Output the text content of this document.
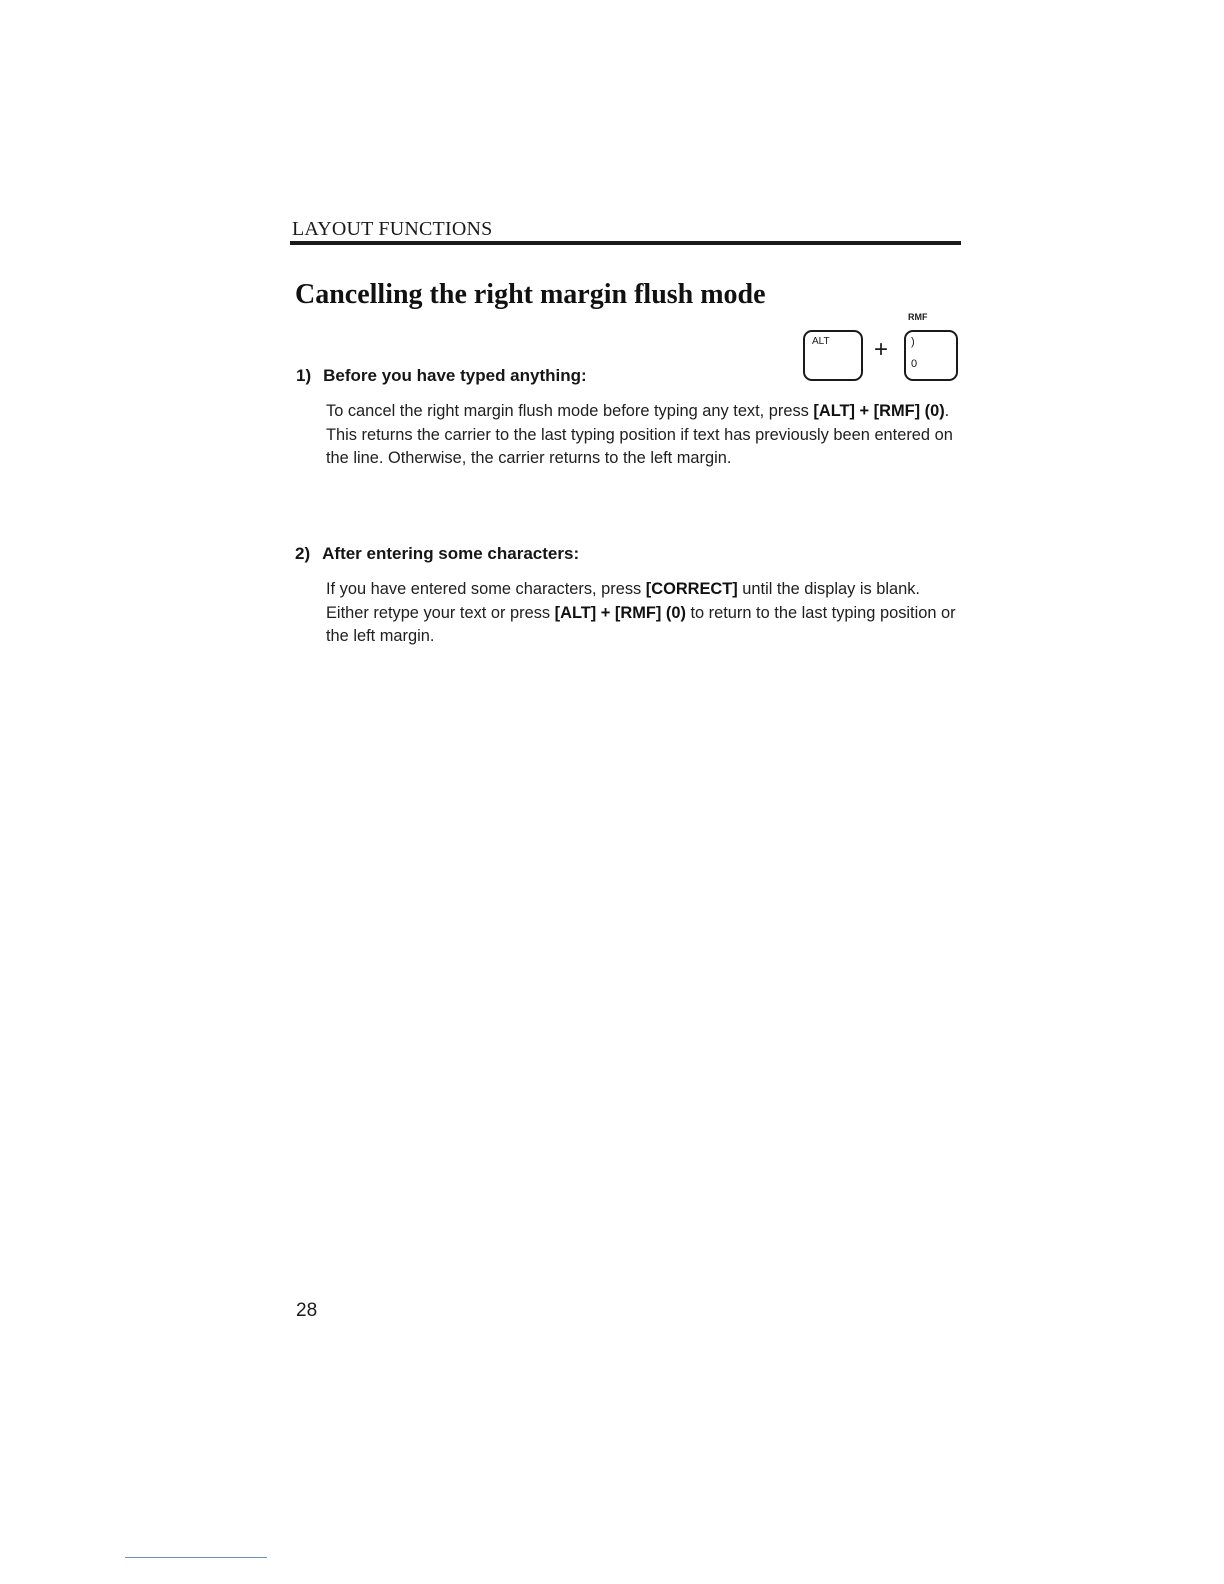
LAYOUT FUNCTIONS
Cancelling the right margin flush mode
ALT +
RMF
)
0
1) Before you have typed anything:

To cancel the right margin flush mode before typing any text, press [ALT] + [RMF] (0). This returns the carrier to the last typing position if text has previously been entered on the line. Otherwise, the carrier returns to the left margin.

2) After entering some characters:

If you have entered some characters, press [CORRECT] until the display is blank. Either retype your text or press [ALT] + [RMF] (0) to return to the last typing position or the left margin.

28
